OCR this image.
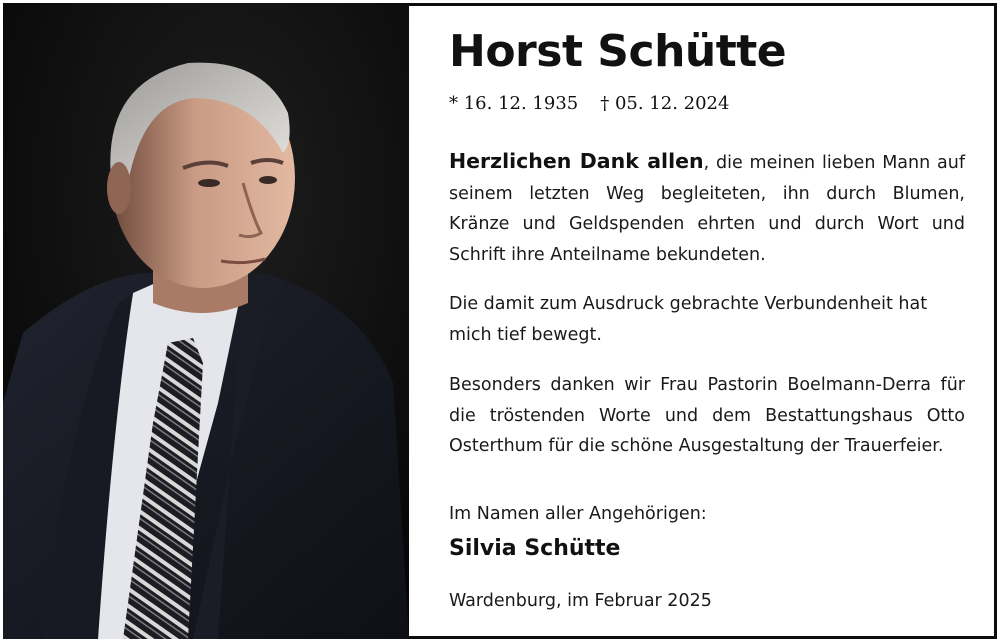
Horst Schütte
* 16. 12. 1935 † 05. 12. 2024

Herzlichen Dank allen, die meinen lieben Mann auf seinem letzten Weg begleiteten, ihn durch Blumen, Kränze und Geldspenden ehrten und durch Wort und Schrift ihre Anteilname bekundeten.

Die damit zum Ausdruck gebrachte Verbundenheit hat mich tief bewegt.

Besonders danken wir Frau Pastorin Boelmann-Derra für die tröstenden Worte und dem Bestattungshaus Otto Osterthum für die schöne Ausgestaltung der Trauerfeier.

Im Namen aller Angehörigen:

Silvia Schütte
Wardenburg, im Februar 2025
